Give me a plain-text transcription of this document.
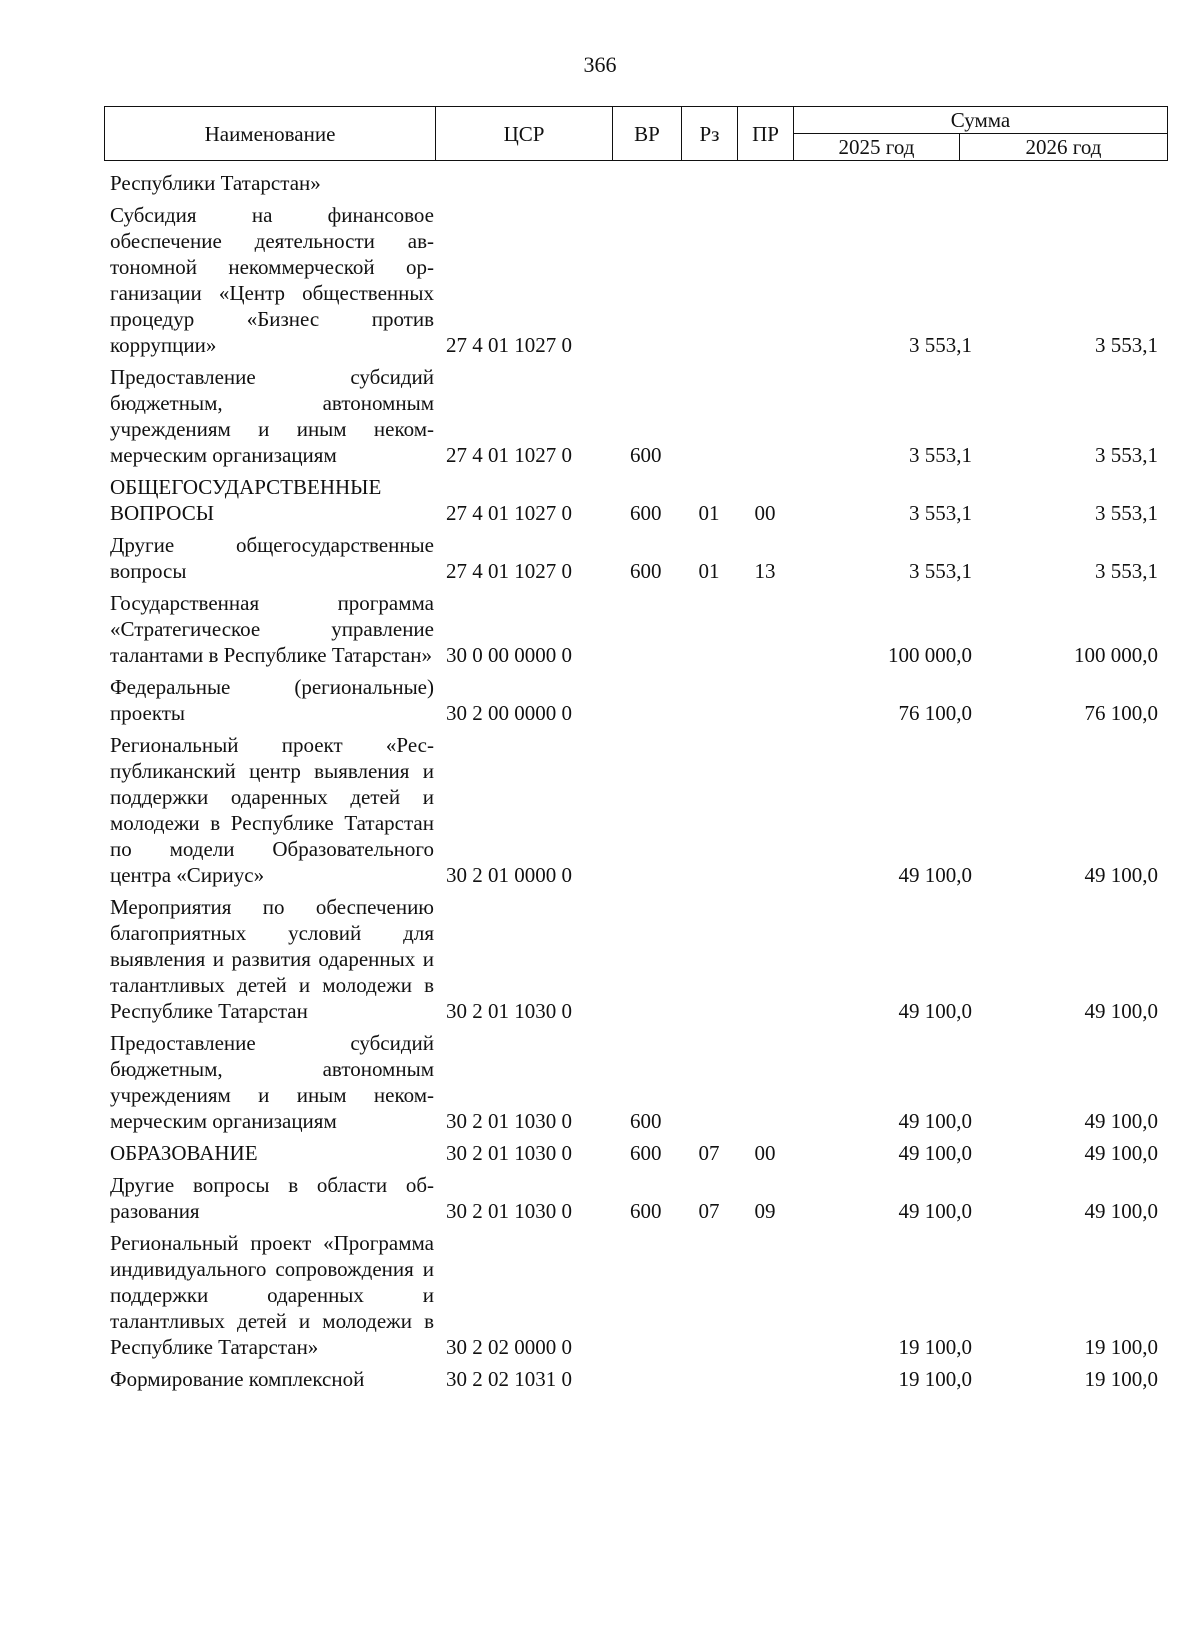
366
Наименование	ЦСР	ВР	Рз	ПР	Сумма	
					2025 год	2026 год
Республики Татарстан»						

Субсидия на финансовое обеспечение деятельности автономной некоммерческой организации «Центр общественных процедур «Бизнес против коррупции»	27 4 01 1027 0				3 553,1	3 553,1

Предоставление субсидий бюджетным, автономным учреждениям и иным некоммерческим организациям	27 4 01 1027 0	600			3 553,1	3 553,1

ОБЩЕГОСУДАРСТВЕННЫЕ ВОПРОСЫ	27 4 01 1027 0	600	01	00	3 553,1	3 553,1

Другие общегосударственные вопросы	27 4 01 1027 0	600	01	13	3 553,1	3 553,1

Государственная программа «Стратегическое управление талантами в Республике Татарстан»	30 0 00 0000 0				100 000,0	100 000,0

Федеральные (региональные) проекты	30 2 00 0000 0				76 100,0	76 100,0

Региональный проект «Республиканский центр выявления и поддержки одаренных детей и молодежи в Республике Татарстан по модели Образовательного центра «Сириус»	30 2 01 0000 0				49 100,0	49 100,0

Мероприятия по обеспечению благоприятных условий для выявления и развития одаренных и талантливых детей и молодежи в Республике Татарстан	30 2 01 1030 0				49 100,0	49 100,0

Предоставление субсидий бюджетным, автономным учреждениям и иным некоммерческим организациям	30 2 01 1030 0	600			49 100,0	49 100,0

ОБРАЗОВАНИЕ	30 2 01 1030 0	600	07	00	49 100,0	49 100,0

Другие вопросы в области образования	30 2 01 1030 0	600	07	09	49 100,0	49 100,0

Региональный проект «Программа индивидуального сопровождения и поддержки одаренных и талантливых детей и молодежи в Республике Татарстан»	30 2 02 0000 0				19 100,0	19 100,0

Формирование комплексной	30 2 02 1031 0				19 100,0	19 100,0
